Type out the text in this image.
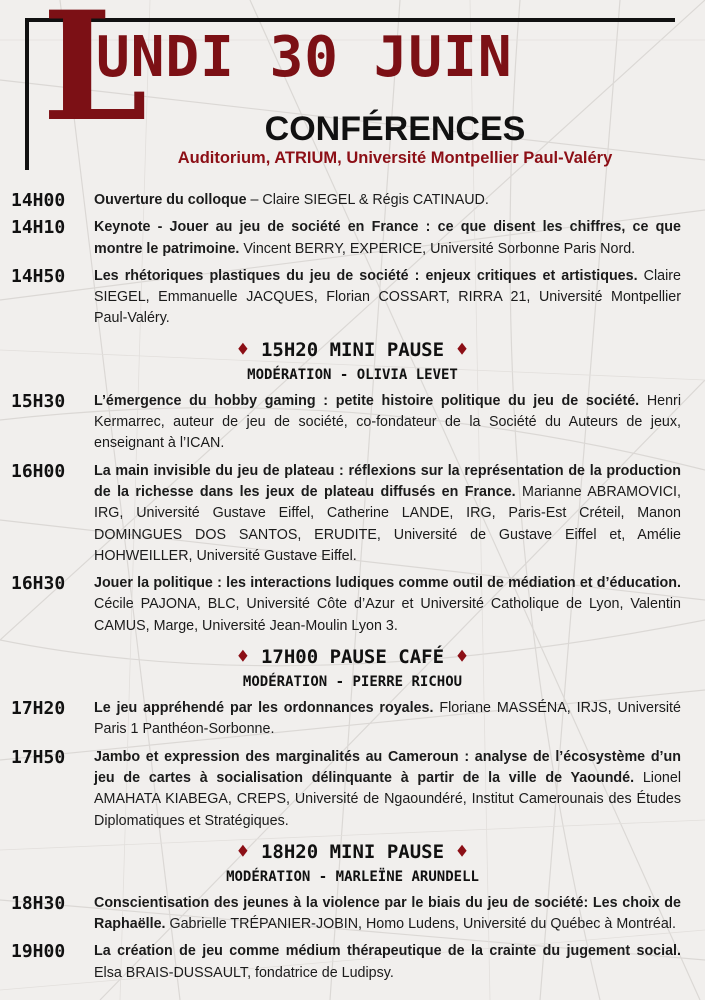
L
UNDI 30 JUIN
CONFÉRENCES
Auditorium, ATRIUM, Université Montpellier Paul-Valéry
14H00 Ouverture du colloque – Claire SIEGEL & Régis CATINAUD.
14H10 Keynote - Jouer au jeu de société en France : ce que disent les chiffres, ce que montre le patrimoine. Vincent BERRY, EXPERICE, Université Sorbonne Paris Nord.
14H50 Les rhétoriques plastiques du jeu de société : enjeux critiques et artistiques. Claire SIEGEL, Emmanuelle JACQUES, Florian COSSART, RIRRA 21, Université Montpellier Paul-Valéry.
♦ 15H20 MINI PAUSE ♦
MODÉRATION - OLIVIA LEVET
15H30 L’émergence du hobby gaming : petite histoire politique du jeu de société. Henri Kermarrec, auteur de jeu de société, co-fondateur de la Société du Auteurs de jeux, enseignant à l’ICAN.
16H00 La main invisible du jeu de plateau : réflexions sur la représentation de la production de la richesse dans les jeux de plateau diffusés en France. Marianne ABRAMOVICI, IRG, Université Gustave Eiffel, Catherine LANDE, IRG, Paris-Est Créteil, Manon DOMINGUES DOS SANTOS, ERUDITE, Université de Gustave Eiffel et, Amélie HOHWEILLER, Université Gustave Eiffel.
16H30 Jouer la politique : les interactions ludiques comme outil de médiation et d’éducation. Cécile PAJONA, BLC, Université Côte d’Azur et Université Catholique de Lyon, Valentin CAMUS, Marge, Université Jean-Moulin Lyon 3.
♦ 17H00 PAUSE CAFÉ ♦
MODÉRATION - PIERRE RICHOU
17H20 Le jeu appréhendé par les ordonnances royales. Floriane MASSÉNA, IRJS, Université Paris 1 Panthéon-Sorbonne.
17H50 Jambo et expression des marginalités au Cameroun : analyse de l’écosystème d’un jeu de cartes à socialisation délinquante à partir de la ville de Yaoundé. Lionel AMAHATA KIABEGA, CREPS, Université de Ngaoundéré, Institut Camerounais des Études Diplomatiques et Stratégiques.
♦ 18H20 MINI PAUSE ♦
MODÉRATION - MARLEÏNE ARUNDELL
18H30 Conscientisation des jeunes à la violence par le biais du jeu de société: Les choix de Raphaëlle. Gabrielle TRÉPANIER-JOBIN, Homo Ludens, Université du Québec à Montréal.
19H00 La création de jeu comme médium thérapeutique de la crainte du jugement social. Elsa BRAIS-DUSSAULT, fondatrice de Ludipsy.
